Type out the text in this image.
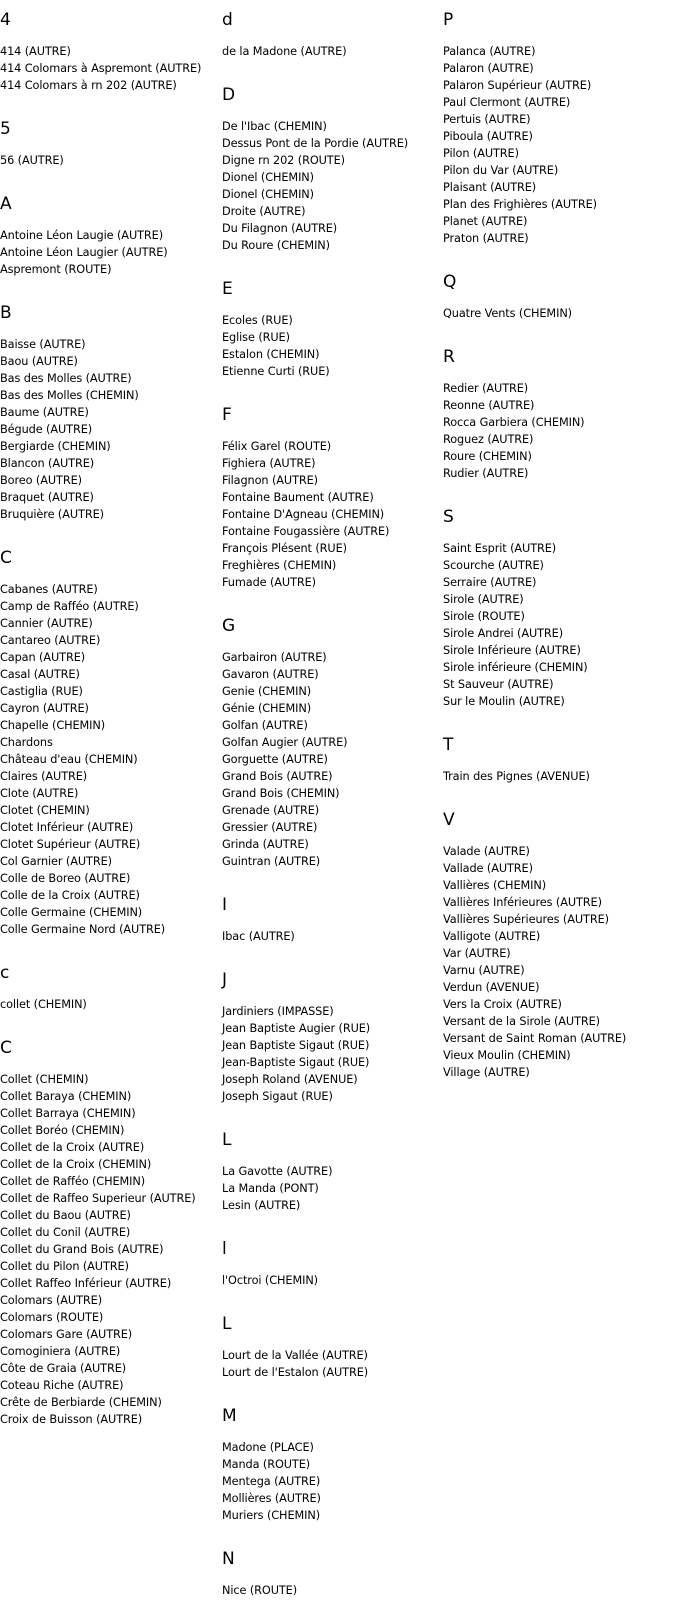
4
414 (AUTRE)
414 Colomars à Aspremont (AUTRE)
414 Colomars à rn 202 (AUTRE)
5
56 (AUTRE)
A
Antoine Léon Laugie (AUTRE)
Antoine Léon Laugier (AUTRE)
Aspremont (ROUTE)
B
Baisse (AUTRE)
Baou (AUTRE)
Bas des Molles (AUTRE)
Bas des Molles (CHEMIN)
Baume (AUTRE)
Bégude (AUTRE)
Bergiarde (CHEMIN)
Blancon (AUTRE)
Boreo (AUTRE)
Braquet (AUTRE)
Bruquière (AUTRE)
C
Cabanes (AUTRE)
Camp de Rafféo (AUTRE)
Cannier (AUTRE)
Cantareo (AUTRE)
Capan (AUTRE)
Casal (AUTRE)
Castiglia (RUE)
Cayron (AUTRE)
Chapelle (CHEMIN)
Chardons
Château d'eau (CHEMIN)
Claires (AUTRE)
Clote (AUTRE)
Clotet (CHEMIN)
Clotet Inférieur (AUTRE)
Clotet Supérieur (AUTRE)
Col Garnier (AUTRE)
Colle de Boreo (AUTRE)
Colle de la Croix (AUTRE)
Colle Germaine (CHEMIN)
Colle Germaine Nord (AUTRE)
c
collet (CHEMIN)
C
Collet (CHEMIN)
Collet Baraya (CHEMIN)
Collet Barraya (CHEMIN)
Collet Boréo (CHEMIN)
Collet de la Croix (AUTRE)
Collet de la Croix (CHEMIN)
Collet de Rafféo (CHEMIN)
Collet de Raffeo Superieur (AUTRE)
Collet du Baou (AUTRE)
Collet du Conil (AUTRE)
Collet du Grand Bois (AUTRE)
Collet du Pilon (AUTRE)
Collet Raffeo Inférieur (AUTRE)
Colomars (AUTRE)
Colomars (ROUTE)
Colomars Gare (AUTRE)
Comoginiera (AUTRE)
Côte de Graia (AUTRE)
Coteau Riche (AUTRE)
Crête de Berbiarde (CHEMIN)
Croix de Buisson (AUTRE)
d
de la Madone (AUTRE)
D
De l'Ibac (CHEMIN)
Dessus Pont de la Pordie (AUTRE)
Digne rn 202 (ROUTE)
Dionel (CHEMIN)
Dionel (CHEMIN)
Droite (AUTRE)
Du Filagnon (AUTRE)
Du Roure (CHEMIN)
E
Ecoles (RUE)
Eglise (RUE)
Estalon (CHEMIN)
Etienne Curti (RUE)
F
Félix Garel (ROUTE)
Fighiera (AUTRE)
Filagnon (AUTRE)
Fontaine Baument (AUTRE)
Fontaine D'Agneau (CHEMIN)
Fontaine Fougassière (AUTRE)
François Plésent (RUE)
Freghières (CHEMIN)
Fumade (AUTRE)
G
Garbairon (AUTRE)
Gavaron (AUTRE)
Genie (CHEMIN)
Génie (CHEMIN)
Golfan (AUTRE)
Golfan Augier (AUTRE)
Gorguette (AUTRE)
Grand Bois (AUTRE)
Grand Bois (CHEMIN)
Grenade (AUTRE)
Gressier (AUTRE)
Grinda (AUTRE)
Guintran (AUTRE)
I
Ibac (AUTRE)
J
Jardiniers (IMPASSE)
Jean Baptiste Augier (RUE)
Jean Baptiste Sigaut (RUE)
Jean-Baptiste Sigaut (RUE)
Joseph Roland (AVENUE)
Joseph Sigaut (RUE)
L
La Gavotte (AUTRE)
La Manda (PONT)
Lesin (AUTRE)
l
l'Octroi (CHEMIN)
L
Lourt de la Vallée (AUTRE)
Lourt de l'Estalon (AUTRE)
M
Madone (PLACE)
Manda (ROUTE)
Mentega (AUTRE)
Mollières (AUTRE)
Muriers (CHEMIN)
N
Nice (ROUTE)
P
Palanca (AUTRE)
Palaron (AUTRE)
Palaron Supérieur (AUTRE)
Paul Clermont (AUTRE)
Pertuis (AUTRE)
Piboula (AUTRE)
Pilon (AUTRE)
Pilon du Var (AUTRE)
Plaisant (AUTRE)
Plan des Frighières (AUTRE)
Planet (AUTRE)
Praton (AUTRE)
Q
Quatre Vents (CHEMIN)
R
Redier (AUTRE)
Reonne (AUTRE)
Rocca Garbiera (CHEMIN)
Roguez (AUTRE)
Roure (CHEMIN)
Rudier (AUTRE)
S
Saint Esprit (AUTRE)
Scourche (AUTRE)
Serraire (AUTRE)
Sirole (AUTRE)
Sirole (ROUTE)
Sirole Andrei (AUTRE)
Sirole Inférieure (AUTRE)
Sirole inférieure (CHEMIN)
St Sauveur (AUTRE)
Sur le Moulin (AUTRE)
T
Train des Pignes (AVENUE)
V
Valade (AUTRE)
Vallade (AUTRE)
Vallières (CHEMIN)
Vallières Inférieures (AUTRE)
Vallières Supérieures (AUTRE)
Valligote (AUTRE)
Var (AUTRE)
Varnu (AUTRE)
Verdun (AVENUE)
Vers la Croix (AUTRE)
Versant de la Sirole (AUTRE)
Versant de Saint Roman (AUTRE)
Vieux Moulin (CHEMIN)
Village (AUTRE)
